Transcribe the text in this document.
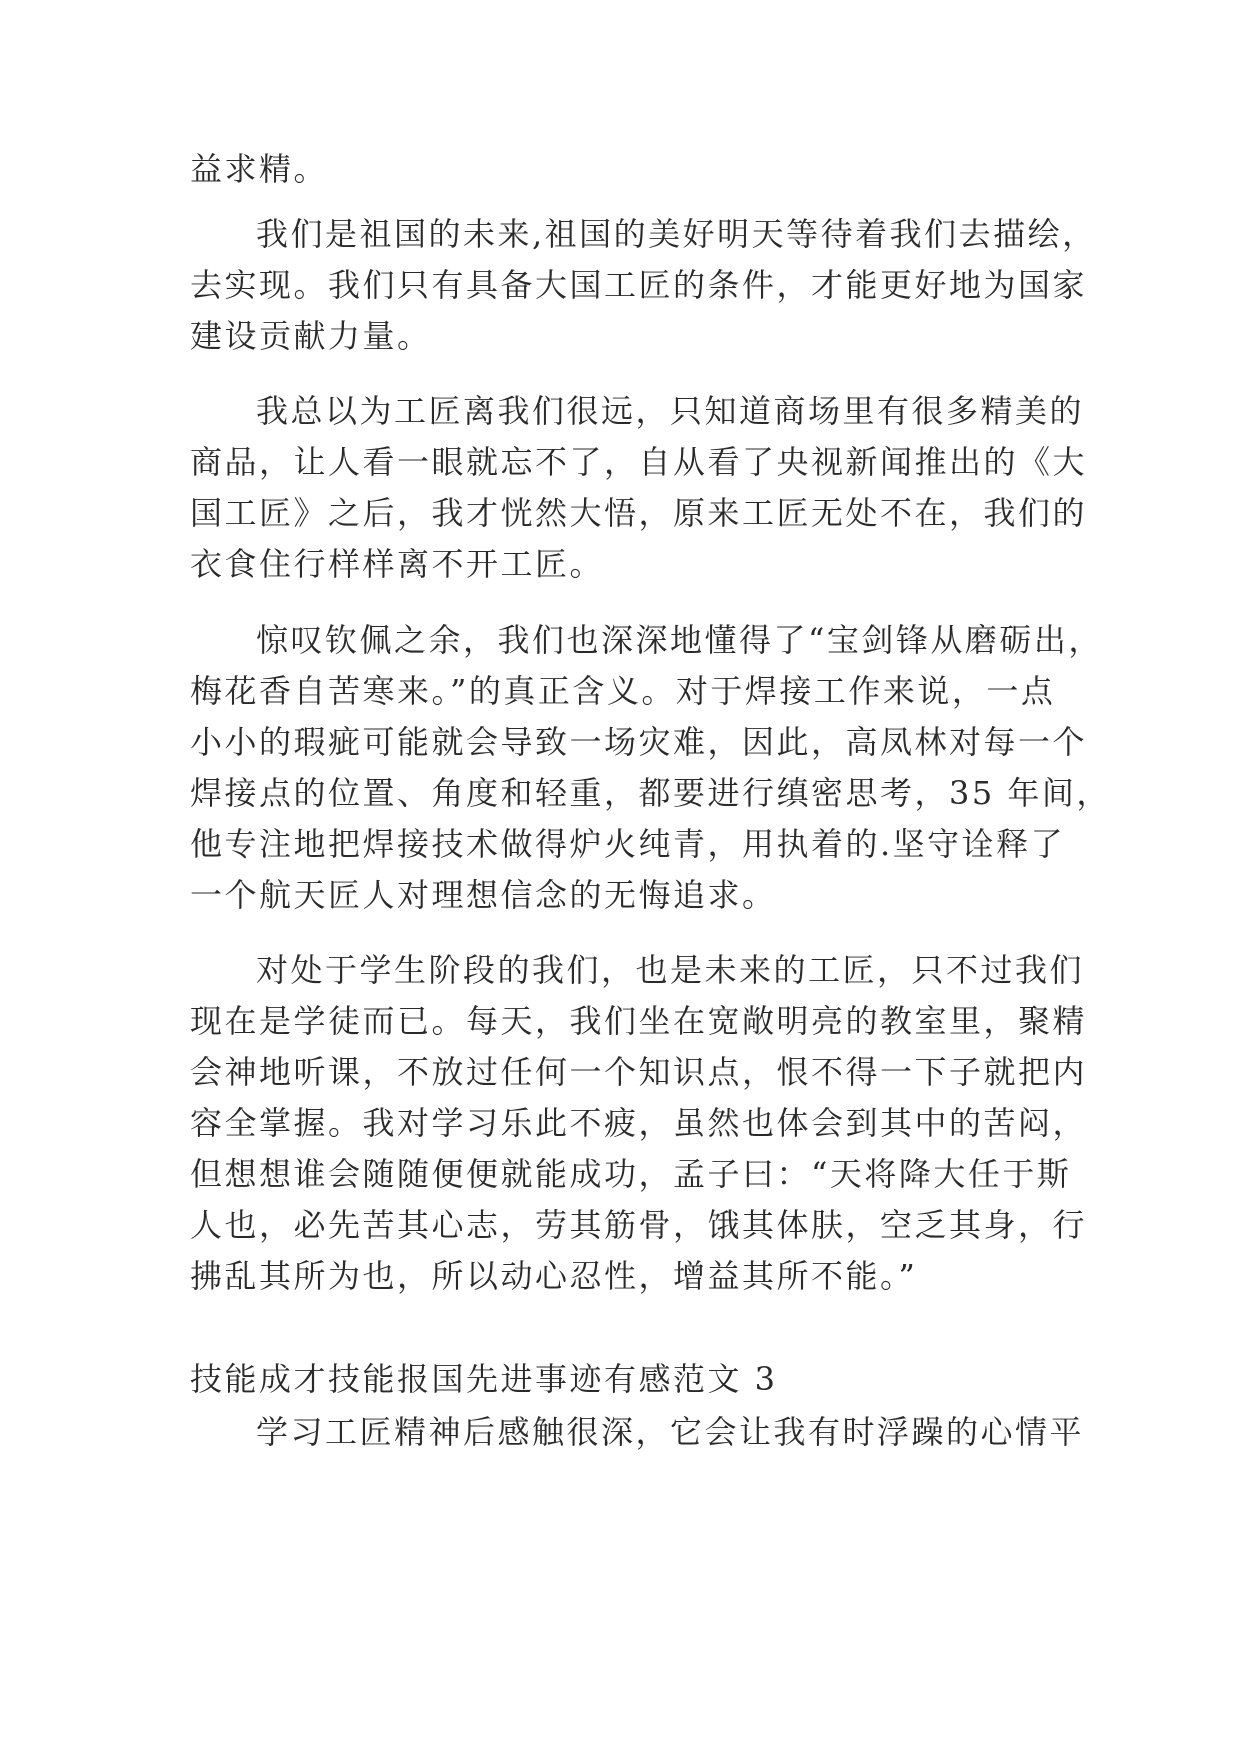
益求精。
我们是祖国的未来,祖国的美好明天等待着我们去描绘，
去实现。我们只有具备大国工匠的条件，才能更好地为国家
建设贡献力量。
我总以为工匠离我们很远，只知道商场里有很多精美的
商品，让人看一眼就忘不了，自从看了央视新闻推出的《大
国工匠》之后，我才恍然大悟，原来工匠无处不在，我们的
衣食住行样样离不开工匠。
惊叹钦佩之余，我们也深深地懂得了“宝剑锋从磨砺出，
梅花香自苦寒来。”的真正含义。对于焊接工作来说，一点
小小的瑕疵可能就会导致一场灾难，因此，高凤林对每一个
焊接点的位置、角度和轻重，都要进行缜密思考，35 年间，
他专注地把焊接技术做得炉火纯青，用执着的.坚守诠释了
一个航天匠人对理想信念的无悔追求。
对处于学生阶段的我们，也是未来的工匠，只不过我们
现在是学徒而已。每天，我们坐在宽敞明亮的教室里，聚精
会神地听课，不放过任何一个知识点，恨不得一下子就把内
容全掌握。我对学习乐此不疲，虽然也体会到其中的苦闷，
但想想谁会随随便便就能成功，孟子曰：“天将降大任于斯
人也，必先苦其心志，劳其筋骨，饿其体肤，空乏其身，行
拂乱其所为也，所以动心忍性，增益其所不能。”
技能成才技能报国先进事迹有感范文 3
学习工匠精神后感触很深，它会让我有时浮躁的心情平
